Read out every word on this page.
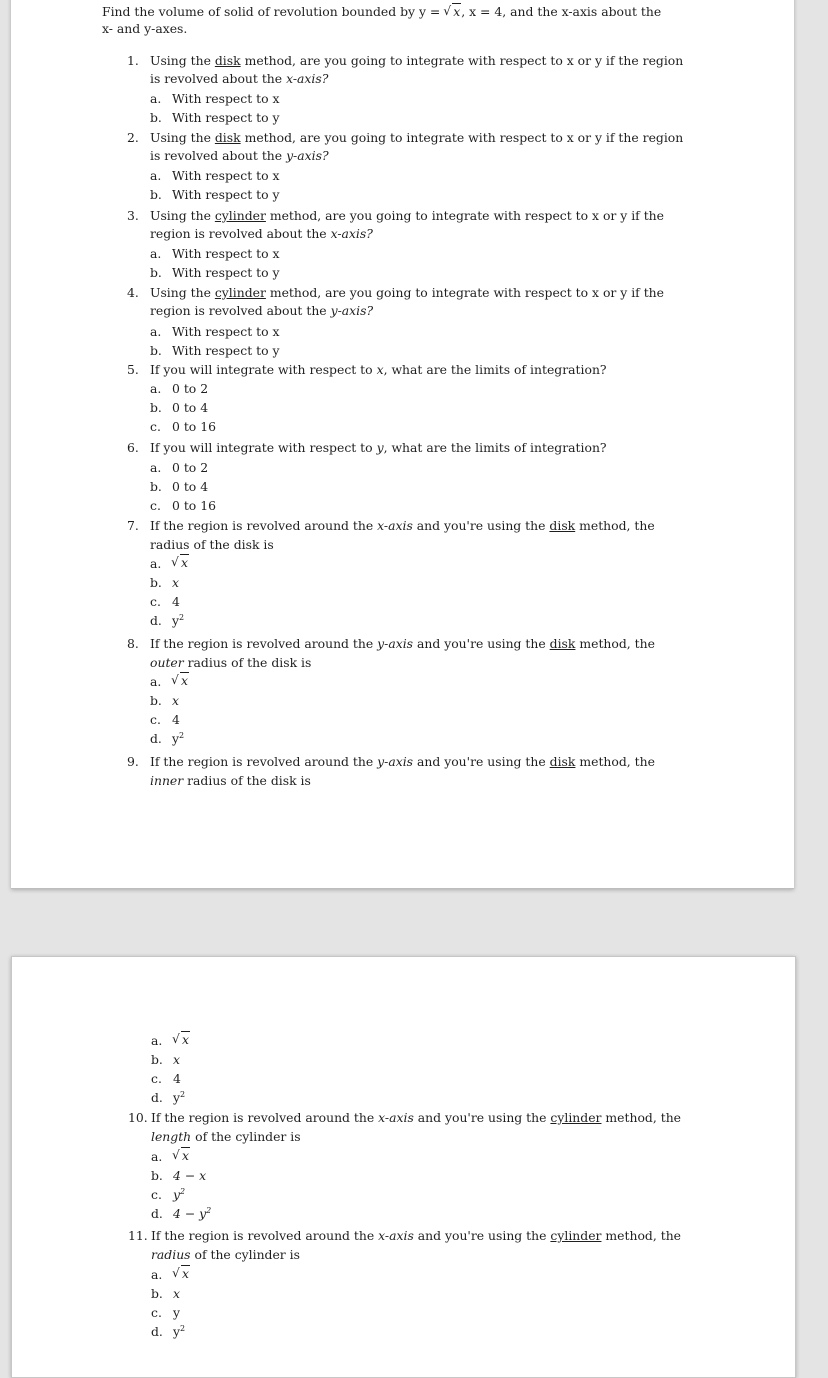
Find the volume of solid of revolution bounded by y = √ x, x = 4, and the x-axis about the
x- and y-axes.
1. Using the disk method, are you going to integrate with respect to x or y if the region
is revolved about the x-axis?
a. With respect to x
b. With respect to y
2. Using the disk method, are you going to integrate with respect to x or y if the region
is revolved about the y-axis?
a. With respect to x
b. With respect to y
3. Using the cylinder method, are you going to integrate with respect to x or y if the
region is revolved about the x-axis?
a. With respect to x
b. With respect to y
4. Using the cylinder method, are you going to integrate with respect to x or y if the
region is revolved about the y-axis?
a. With respect to x
b. With respect to y
5. If you will integrate with respect to x, what are the limits of integration?
a. 0 to 2
b. 0 to 4
c. 0 to 16
6. If you will integrate with respect to y, what are the limits of integration?
a. 0 to 2
b. 0 to 4
c. 0 to 16
7. If the region is revolved around the x-axis and you're using the disk method, the
radius of the disk is
a.	√ x
b. x
c. 4
d. $y^2$
8. If the region is revolved around the y-axis and you're using the disk method, the
outer radius of the disk is
a.	√ x
b. x
c. 4
d. $y^2$
9. If the region is revolved around the y-axis and you're using the disk method, the
inner radius of the disk is
a.	√ x
b. x
c. 4
d. $y^2$
10. If the region is revolved around the x-axis and you're using the cylinder method, the
length of the cylinder is
a.	√ x
b. 4 − x
c. $y^2$
d. $4 - y^2$
11. If the region is revolved around the x-axis and you're using the cylinder method, the
radius of the cylinder is
a.	√ x
b. x
c. y
d. $y^2$
